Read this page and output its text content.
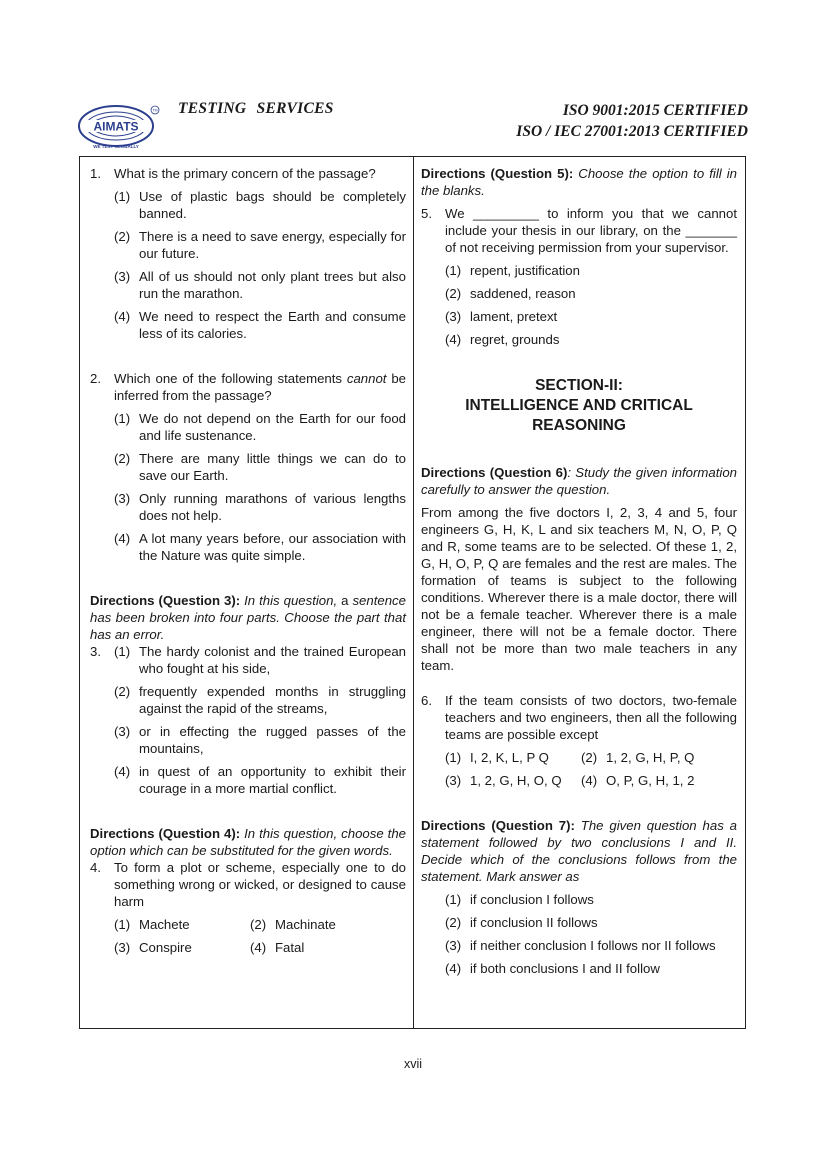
AIMATS
WE TEST GLOBALLY
TM TESTING SERVICES	ISO 9001:2015 CERTIFIED
ISO / IEC 27001:2013 CERTIFIED
1. What is the primary concern of the passage?
(1) Use of plastic bags should be completely banned.
(2) There is a need to save energy, especially for our future.
(3) All of us should not only plant trees but also run the marathon.
(4) We need to respect the Earth and consume less of its calories.
2. Which one of the following statements cannot be inferred from the passage?
(1) We do not depend on the Earth for our food and life sustenance.
(2) There are many little things we can do to save our Earth.
(3) Only running marathons of various lengths does not help.
(4) A lot many years before, our association with the Nature was quite simple.
Directions (Question 3): In this question, a sentence has been broken into four parts. Choose the part that has an error.
3. (1) The hardy colonist and the trained European who fought at his side,
(2) frequently expended months in struggling against the rapid of the streams,
(3) or in effecting the rugged passes of the mountains,
(4) in quest of an opportunity to exhibit their courage in a more martial conflict.
Directions (Question 4): In this question, choose the option which can be substituted for the given words.
4. To form a plot or scheme, especially one to do something wrong or wicked, or designed to cause harm
(1) Machete	(2) Machinate
(3) Conspire	(4) Fatal
Directions (Question 5): Choose the option to fill in the blanks.
5. We _________ to inform you that we cannot include your thesis in our library, on the _______ of not receiving permission from your supervisor.
(1) repent, justification
(2) saddened, reason
(3) lament, pretext
(4) regret, grounds
SECTION-II:
INTELLIGENCE AND CRITICAL
REASONING
Directions (Question 6): Study the given information carefully to answer the question.
From among the five doctors I, 2, 3, 4 and 5, four engineers G, H, K, L and six teachers M, N, O, P, Q and R, some teams are to be selected. Of these 1, 2, G, H, O, P, Q are females and the rest are males. The formation of teams is subject to the following conditions. Wherever there is a male doctor, there will not be a female teacher. Wherever there is a male engineer, there will not be a female doctor. There shall not be more than two male teachers in any team.
6. If the team consists of two doctors, two-female teachers and two engineers, then all the following teams are possible except
(1) I, 2, K, L, P Q (2) 1, 2, G, H, P, Q
(3) 1, 2, G, H, O, Q (4) O, P, G, H, 1, 2
Directions (Question 7): The given question has a statement followed by two conclusions I and II. Decide which of the conclusions follows from the statement. Mark answer as
(1) if conclusion I follows
(2) if conclusion II follows
(3) if neither conclusion I follows nor II follows
(4) if both conclusions I and II follow
xvii
